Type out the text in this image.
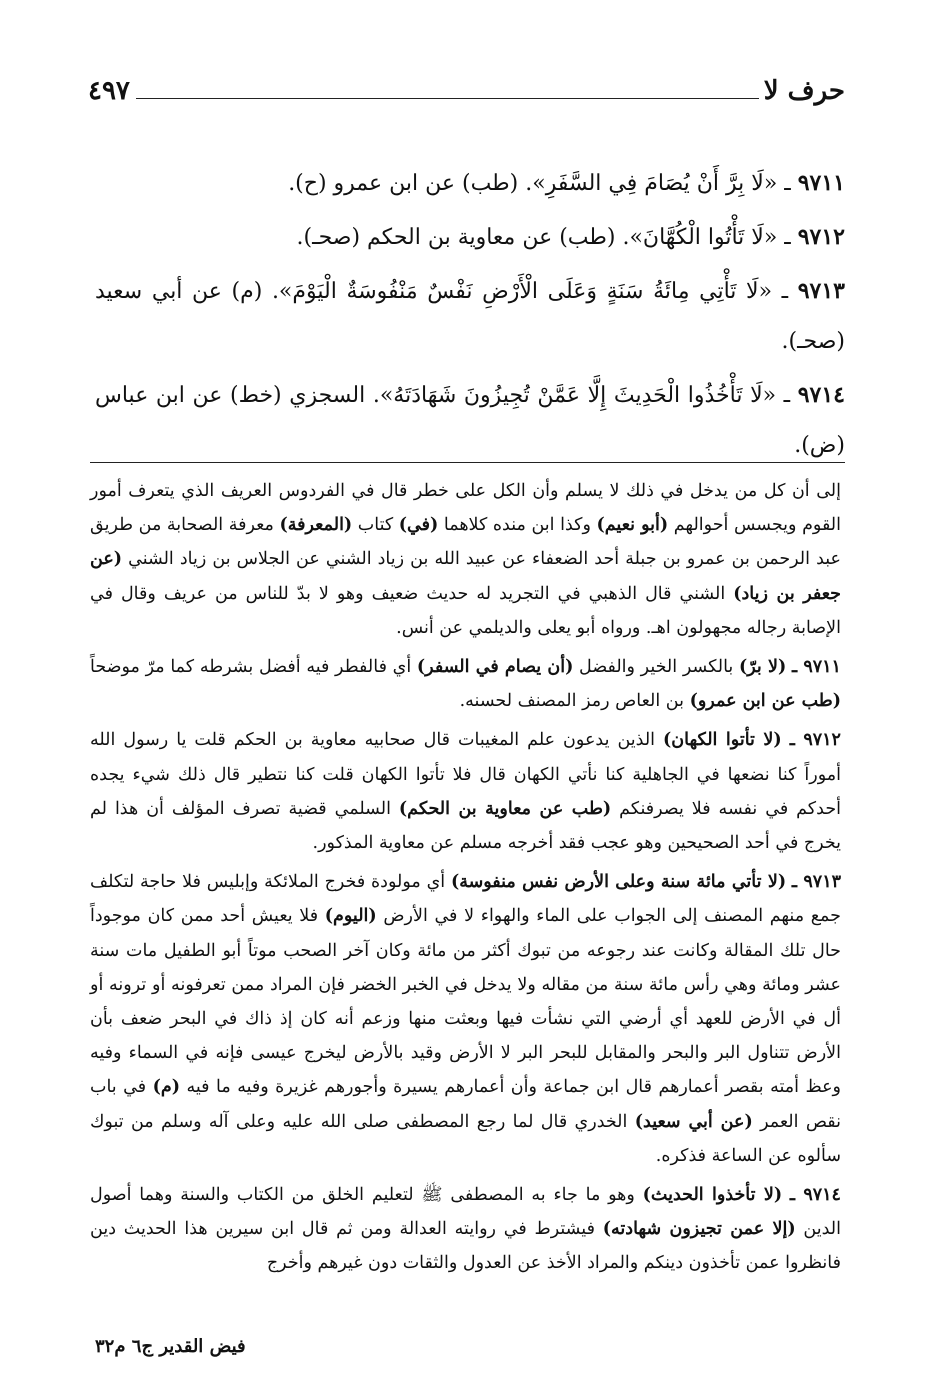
حرف لا
٤٩٧

٩٧١١ ـ «لَا بِرَّ أَنْ يُصَامَ فِي السَّفَرِ». (طب) عن ابن عمرو (ح).

٩٧١٢ ـ «لَا تَأْتُوا الْكُهَّانَ». (طب) عن معاوية بن الحكم (صحـ).

٩٧١٣ ـ «لَا تَأْتِي مِائَةُ سَنَةٍ وَعَلَى الْأَرْضِ نَفْسٌ مَنْفُوسَةٌ الْيَوْمَ». (م) عن أبي سعيد (صحـ).

٩٧١٤ ـ «لَا تَأْخُذُوا الْحَدِيثَ إِلَّا عَمَّنْ تُجِيزُونَ شَهَادَتَهُ». السجزي (خط) عن ابن عباس (ض).

إلى أن كل من يدخل في ذلك لا يسلم وأن الكل على خطر قال في الفردوس العريف الذي يتعرف أمور القوم ويجسس أحوالهم (أبو نعيم) وكذا ابن منده كلاهما (في) كتاب (المعرفة) معرفة الصحابة من طريق عبد الرحمن بن عمرو بن جبلة أحد الضعفاء عن عبيد الله بن زياد الشني عن الجلاس بن زياد الشني (عن جعفر بن زياد) الشني قال الذهبي في التجريد له حديث ضعيف وهو لا بدّ للناس من عريف وقال في الإصابة رجاله مجهولون اهـ. ورواه أبو يعلى والديلمي عن أنس.

٩٧١١ ـ (لا برّ) بالكسر الخير والفضل (أن يصام في السفر) أي فالفطر فيه أفضل بشرطه كما مرّ موضحاً (طب عن ابن عمرو) بن العاص رمز المصنف لحسنه.

٩٧١٢ ـ (لا تأتوا الكهان) الذين يدعون علم المغيبات قال صحابيه معاوية بن الحكم قلت يا رسول الله أموراً كنا نضعها في الجاهلية كنا نأتي الكهان قال فلا تأتوا الكهان قلت كنا نتطير قال ذلك شيء يجده أحدكم في نفسه فلا يصرفنكم (طب عن معاوية بن الحكم) السلمي قضية تصرف المؤلف أن هذا لم يخرج في أحد الصحيحين وهو عجب فقد أخرجه مسلم عن معاوية المذكور.

٩٧١٣ ـ (لا تأتي مائة سنة وعلى الأرض نفس منفوسة) أي مولودة فخرج الملائكة وإبليس فلا حاجة لتكلف جمع منهم المصنف إلى الجواب على الماء والهواء لا في الأرض (اليوم) فلا يعيش أحد ممن كان موجوداً حال تلك المقالة وكانت عند رجوعه من تبوك أكثر من مائة وكان آخر الصحب موتاً أبو الطفيل مات سنة عشر ومائة وهي رأس مائة سنة من مقاله ولا يدخل في الخبر الخضر فإن المراد ممن تعرفونه أو ترونه أو أل في الأرض للعهد أي أرضي التي نشأت فيها وبعثت منها وزعم أنه كان إذ ذاك في البحر ضعف بأن الأرض تتناول البر والبحر والمقابل للبحر البر لا الأرض وقيد بالأرض ليخرج عيسى فإنه في السماء وفيه وعظ أمته بقصر أعمارهم قال ابن جماعة وأن أعمارهم يسيرة وأجورهم غزيرة وفيه ما فيه (م) في باب نقص العمر (عن أبي سعيد) الخدري قال لما رجع المصطفى صلى الله عليه وعلى آله وسلم من تبوك سألوه عن الساعة فذكره.

٩٧١٤ ـ (لا تأخذوا الحديث) وهو ما جاء به المصطفى ﷺ لتعليم الخلق من الكتاب والسنة وهما أصول الدين (إلا عمن تجيزون شهادته) فيشترط في روايته العدالة ومن ثم قال ابن سيرين هذا الحديث دين فانظروا عمن تأخذون دينكم والمراد الأخذ عن العدول والثقات دون غيرهم وأخرج

فيض القدير ج٦ م٣٢
